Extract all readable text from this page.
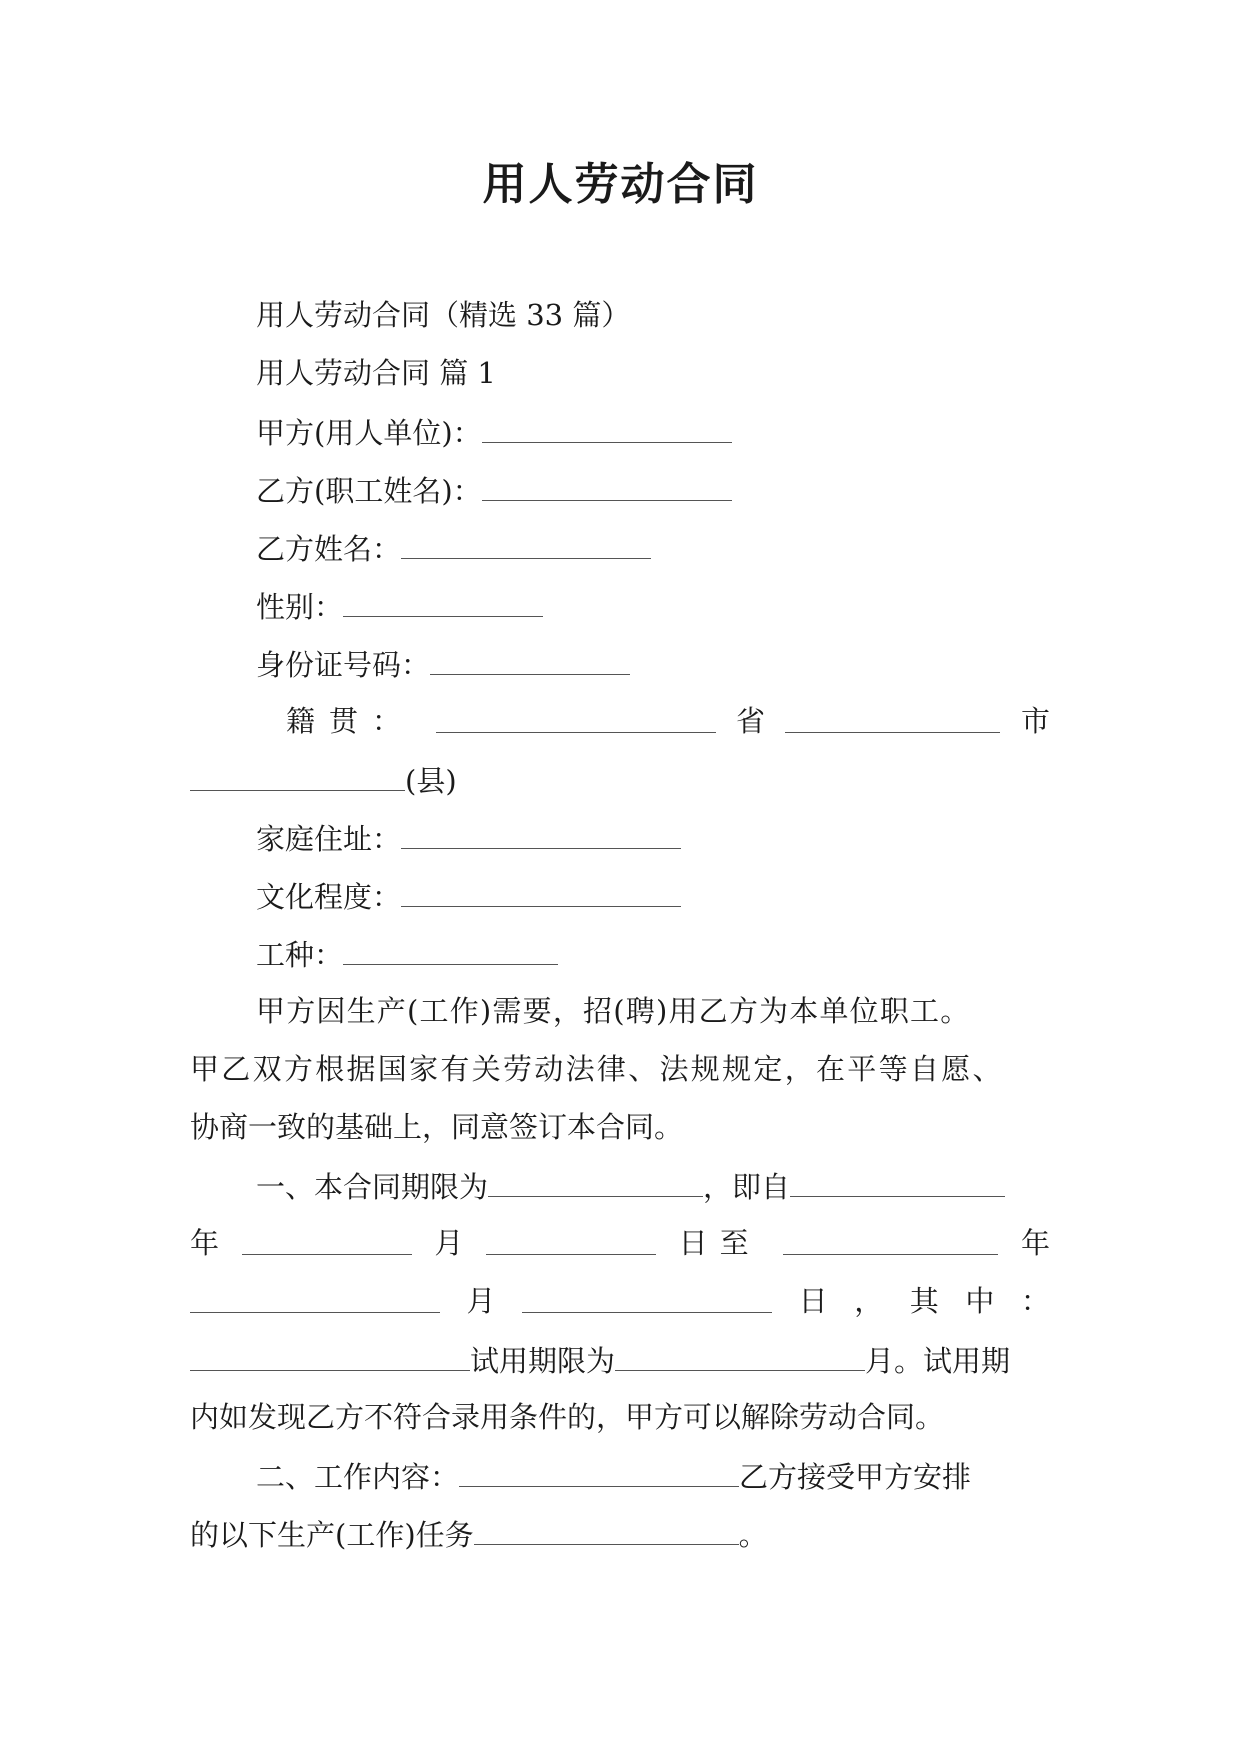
用人劳动合同
用人劳动合同（精选 33 篇）
用人劳动合同 篇 1
甲方(用人单位)：
乙方(职工姓名)：
乙方姓名：
性别：
身份证号码：
籍贯：	省	市
(县)
家庭住址：
文化程度：
工种：
甲方因生产(工作)需要，招(聘)用乙方为本单位职工。
甲乙双方根据国家有关劳动法律、法规规定，在平等自愿、
协商一致的基础上，同意签订本合同。
一、本合同期限为	，即自
年	月	日至	年
月	日 ， 其 中 ：
试用期限为	月。试用期
内如发现乙方不符合录用条件的，甲方可以解除劳动合同。
二、工作内容：	乙方接受甲方安排
的以下生产(工作)任务	。
